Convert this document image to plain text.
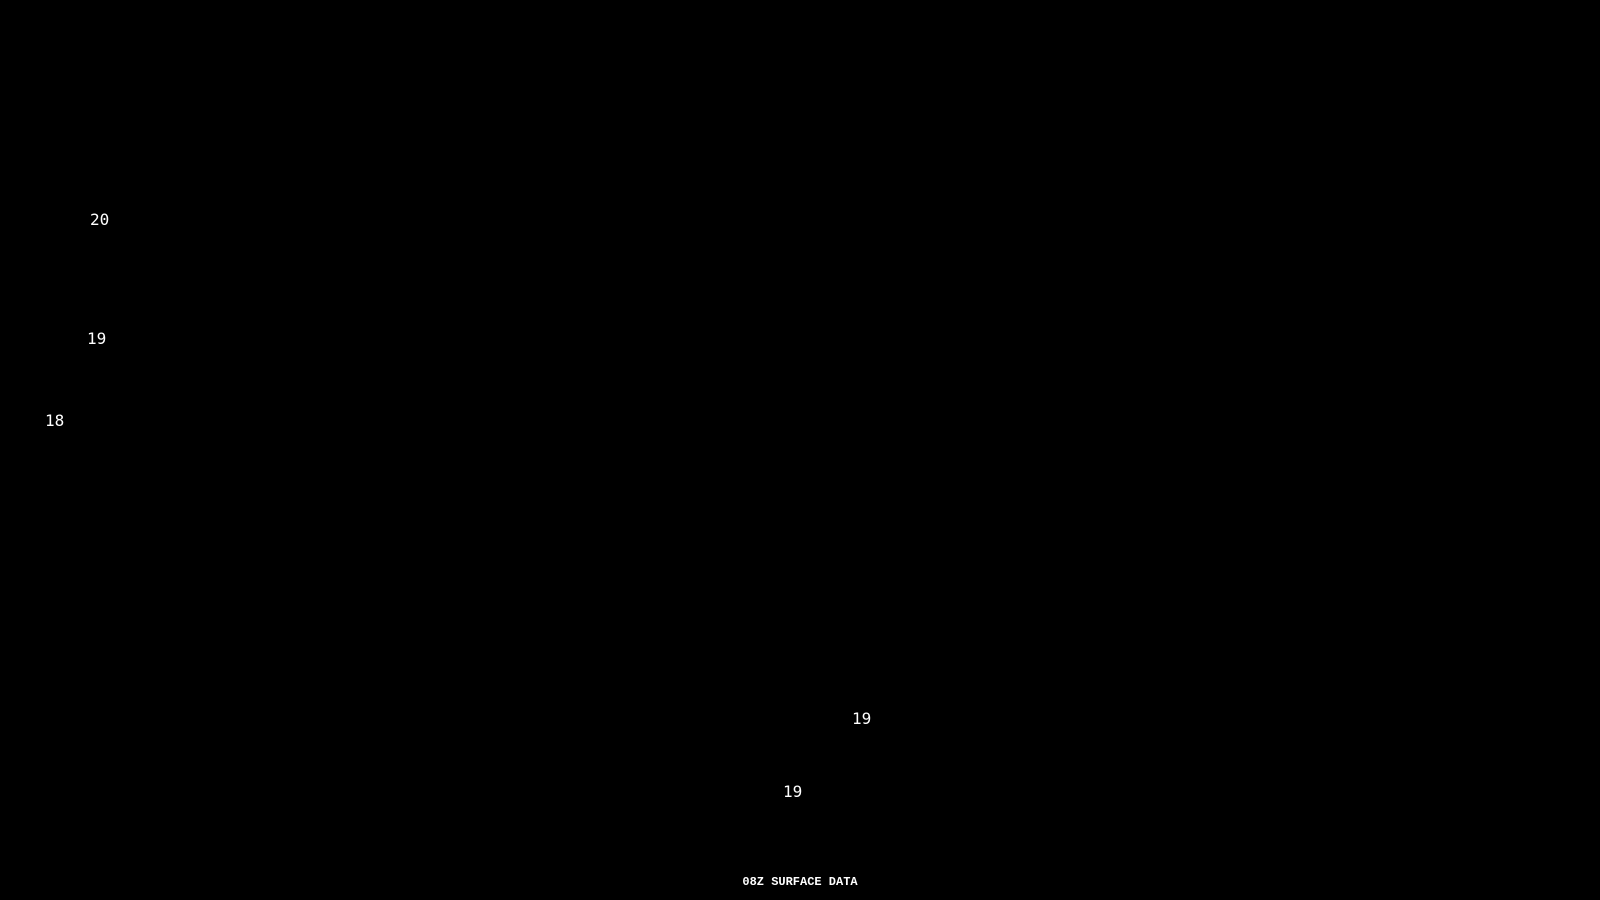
08Z SURFACE DATA
20
19
18
19
19
